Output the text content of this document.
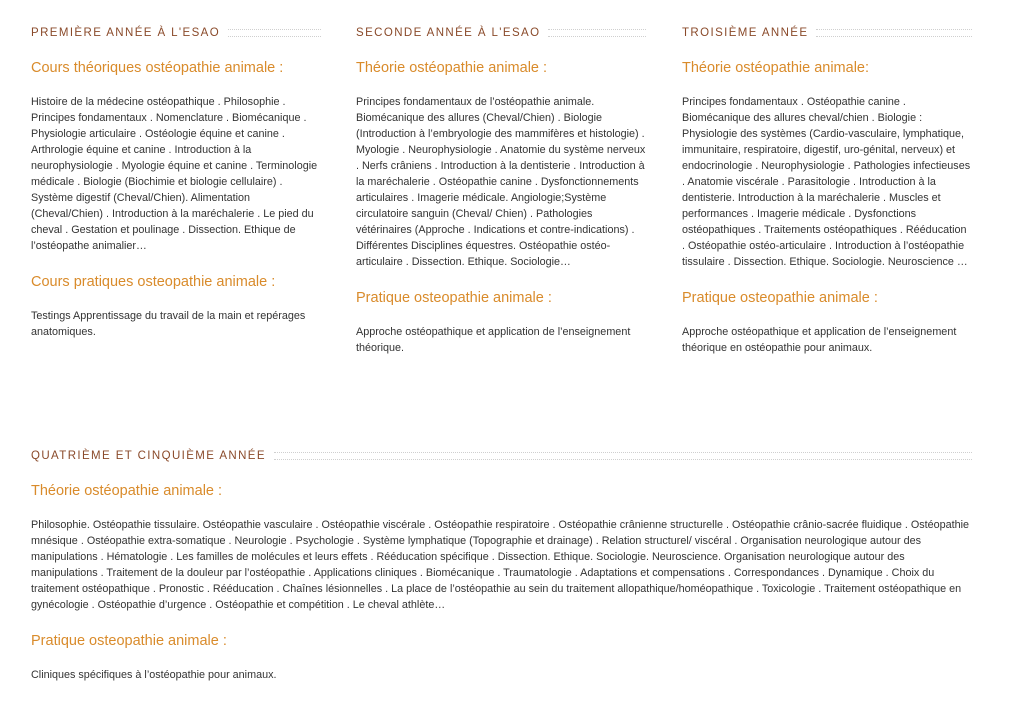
PREMIÈRE ANNÉE À L'ESAO
Cours théoriques ostéopathie animale :

Histoire de la médecine ostéopathique . Philosophie . Principes fondamentaux . Nomenclature . Biomécanique . Physiologie articulaire . Ostéologie équine et canine . Arthrologie équine et canine . Introduction à la neurophysiologie . Myologie équine et canine . Terminologie médicale . Biologie (Biochimie et biologie cellulaire) . Système digestif (Cheval/Chien). Alimentation (Cheval/Chien) . Introduction à la maréchalerie . Le pied du cheval . Gestation et poulinage . Dissection. Ethique de l’ostéopathe animalier…

Cours pratiques osteopathie animale :

Testings Apprentissage du travail de la main et repérages anatomiques.

SECONDE ANNÉE À L'ESAO
Théorie ostéopathie animale :

Principes fondamentaux de l’ostéopathie animale. Biomécanique des allures (Cheval/Chien) . Biologie (Introduction à l’embryologie des mammifères et histologie) . Myologie . Neurophysiologie . Anatomie du système nerveux . Nerfs crâniens . Introduction à la dentisterie . Introduction à la maréchalerie . Ostéopathie canine . Dysfonctionnements articulaires . Imagerie médicale. Angiologie;Système circulatoire sanguin (Cheval/ Chien) . Pathologies vétérinaires (Approche . Indications et contre-indications) . Différentes Disciplines équestres. Ostéopathie ostéo-articulaire . Dissection. Ethique. Sociologie…

Pratique osteopathie animale :

Approche ostéopathique et application de l’enseignement théorique.

TROISIÈME ANNÉE
Théorie ostéopathie animale:

Principes fondamentaux . Ostéopathie canine . Biomécanique des allures cheval/chien . Biologie : Physiologie des systèmes (Cardio-vasculaire, lymphatique, immunitaire, respiratoire, digestif, uro-génital, nerveux) et endocrinologie . Neurophysiologie . Pathologies infectieuses . Anatomie viscérale . Parasitologie . Introduction à la dentisterie. Introduction à la maréchalerie . Muscles et performances . Imagerie médicale . Dysfonctions ostéopathiques . Traitements ostéopathiques . Rééducation . Ostéopathie ostéo-articulaire . Introduction à l’ostéopathie tissulaire . Dissection. Ethique. Sociologie. Neuroscience …

Pratique osteopathie animale :

Approche ostéopathique et application de l’enseignement théorique en ostéopathie pour animaux.

QUATRIÈME ET CINQUIÈME ANNÉE
Théorie ostéopathie animale :

Philosophie. Ostéopathie tissulaire. Ostéopathie vasculaire . Ostéopathie viscérale . Ostéopathie respiratoire . Ostéopathie crânienne structurelle . Ostéopathie crânio-sacrée fluidique . Ostéopathie mnésique . Ostéopathie extra-somatique . Neurologie . Psychologie . Système lymphatique (Topographie et drainage) . Relation structurel/ viscéral . Organisation neurologique autour des manipulations . Hématologie . Les familles de molécules et leurs effets . Rééducation spécifique . Dissection. Ethique. Sociologie. Neuroscience. Organisation neurologique autour des manipulations . Traitement de la douleur par l’ostéopathie . Applications cliniques . Biomécanique . Traumatologie . Adaptations et compensations . Correspondances . Dynamique . Choix du traitement ostéopathique . Pronostic . Rééducation . Chaînes lésionnelles . La place de l’ostéopathie au sein du traitement allopathique/homéopathique . Toxicologie . Traitement ostéopathique en gynécologie . Ostéopathie d’urgence . Ostéopathie et compétition . Le cheval athlète…

Pratique osteopathie animale :

Cliniques spécifiques à l’ostéopathie pour animaux.
